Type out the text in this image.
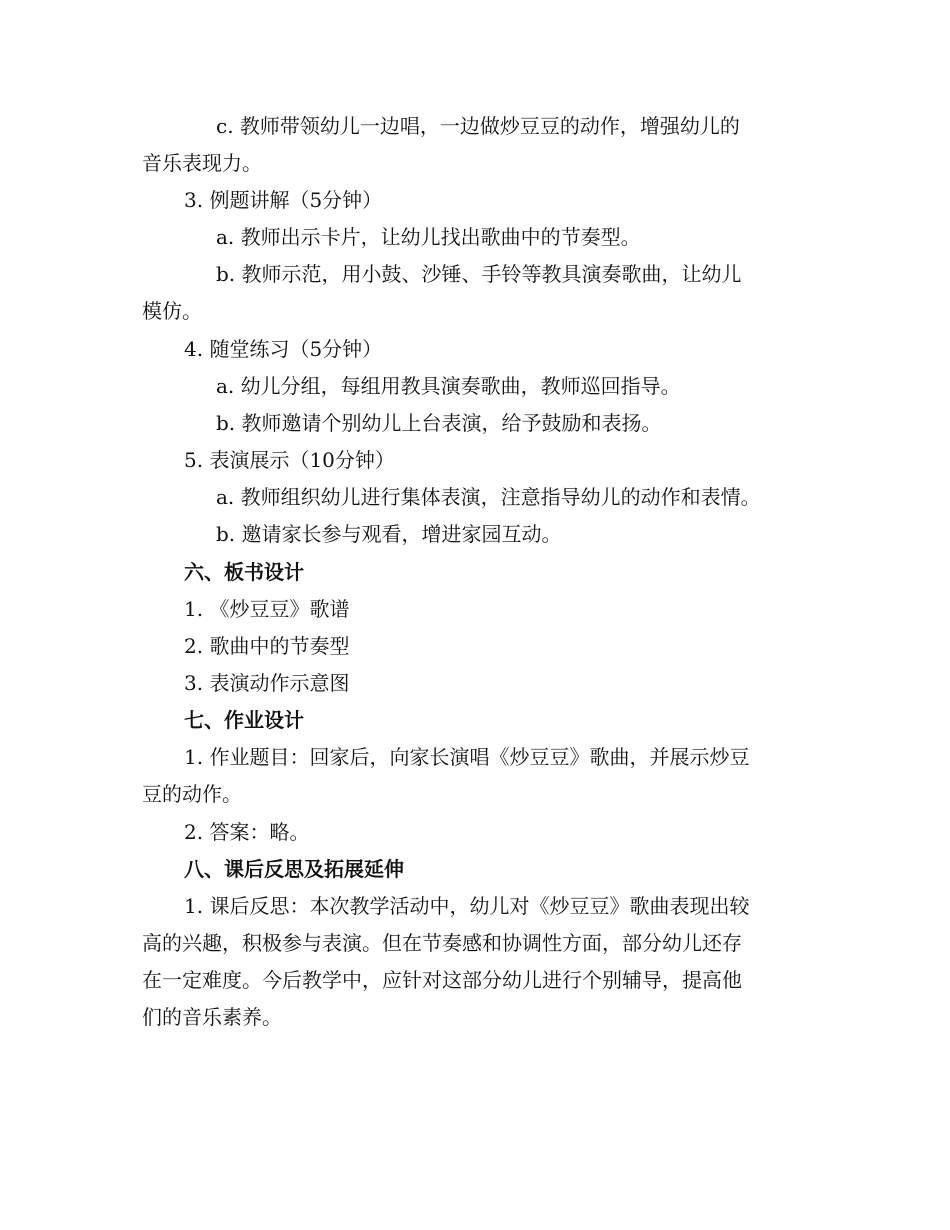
c. 教师带领幼儿一边唱，一边做炒豆豆的动作，增强幼儿的
音乐表现力。
3. 例题讲解（5分钟）
a. 教师出示卡片，让幼儿找出歌曲中的节奏型。
b. 教师示范，用小鼓、沙锤、手铃等教具演奏歌曲，让幼儿
模仿。
4. 随堂练习（5分钟）
a. 幼儿分组，每组用教具演奏歌曲，教师巡回指导。
b. 教师邀请个别幼儿上台表演，给予鼓励和表扬。
5. 表演展示（10分钟）
a. 教师组织幼儿进行集体表演，注意指导幼儿的动作和表情。
b. 邀请家长参与观看，增进家园互动。
六、板书设计
1. 《炒豆豆》歌谱
2. 歌曲中的节奏型
3. 表演动作示意图
七、作业设计
1. 作业题目：回家后，向家长演唱《炒豆豆》歌曲，并展示炒豆
豆的动作。
2. 答案：略。
八、课后反思及拓展延伸
1. 课后反思：本次教学活动中，幼儿对《炒豆豆》歌曲表现出较
高的兴趣，积极参与表演。但在节奏感和协调性方面，部分幼儿还存
在一定难度。今后教学中，应针对这部分幼儿进行个别辅导，提高他
们的音乐素养。
